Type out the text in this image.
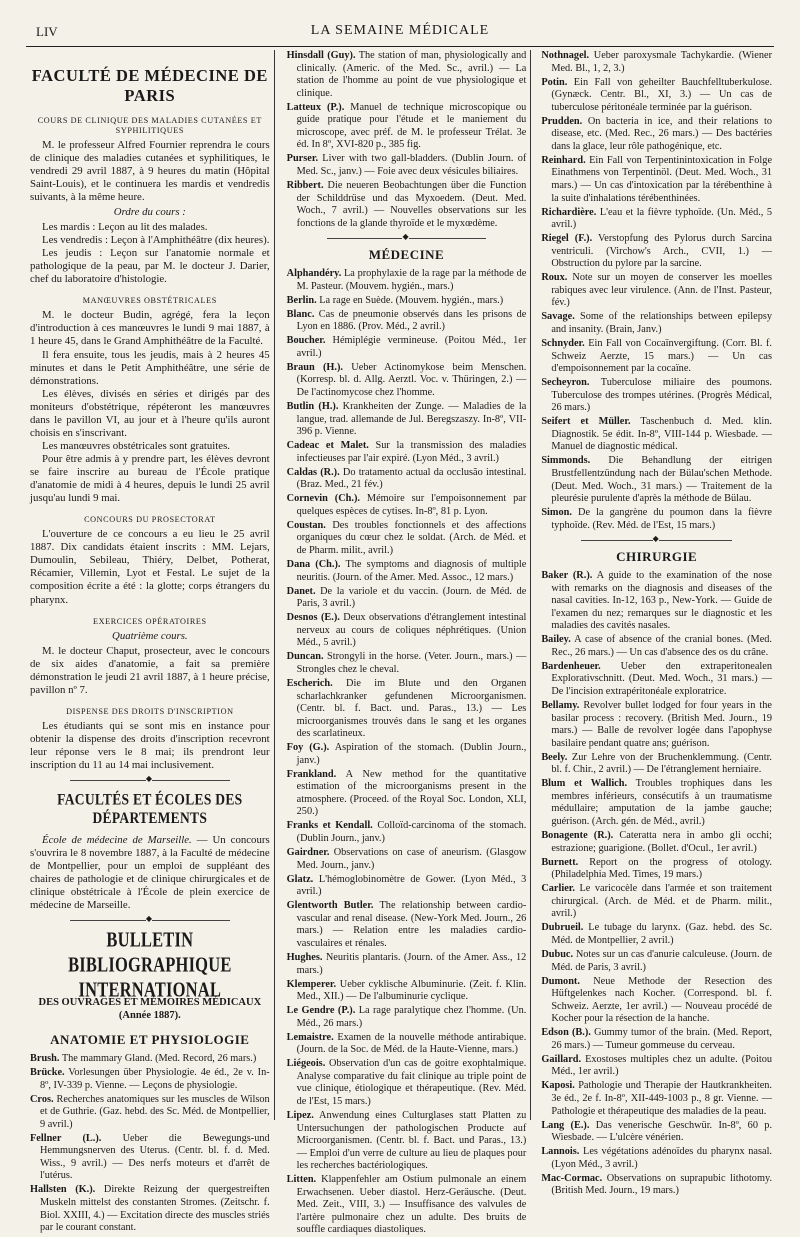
LIV	LA SEMAINE MÉDICALE
FACULTÉ DE MÉDECINE DE PARIS
COURS DE CLINIQUE DES MALADIES CUTANÉES ET SYPHILITIQUES

M. le professeur Alfred Fournier reprendra le cours de clinique des maladies cutanées et syphilitiques, le vendredi 29 avril 1887, à 9 heures du matin (Hôpital Saint-Louis), et le continuera les mardis et vendredis suivants, à la même heure.

Ordre du cours :

Les mardis : Leçon au lit des malades.

Les vendredis : Leçon à l'Amphithéâtre (dix heures).

Les jeudis : Leçon sur l'anatomie normale et pathologique de la peau, par M. le docteur J. Darier, chef du laboratoire d'histologie.

MANŒUVRES OBSTÉTRICALES

M. le docteur Budin, agrégé, fera la leçon d'introduction à ces manœuvres le lundi 9 mai 1887, à 1 heure 45, dans le Grand Amphithéâtre de la Faculté.

Il fera ensuite, tous les jeudis, mais à 2 heures 45 minutes et dans le Petit Amphithéâtre, une série de démonstrations.

Les élèves, divisés en séries et dirigés par des moniteurs d'obstétrique, répéteront les manœuvres dans le pavillon VI, au jour et à l'heure qu'ils auront choisis en s'inscrivant.

Les manœuvres obstétricales sont gratuites.

Pour être admis à y prendre part, les élèves devront se faire inscrire au bureau de l'École pratique d'anatomie de midi à 4 heures, depuis le lundi 25 avril jusqu'au lundi 9 mai.

CONCOURS DU PROSECTORAT

L'ouverture de ce concours a eu lieu le 25 avril 1887. Dix candidats étaient inscrits : MM. Lejars, Dumoulin, Sebileau, Thiéry, Delbet, Potherat, Récamier, Villemin, Lyot et Festal. Le sujet de la composition écrite a été : la glotte; corps étrangers du pharynx.

EXERCICES OPÉRATOIRES
Quatrième cours.

M. le docteur Chaput, prosecteur, avec le concours de six aides d'anatomie, a fait sa première démonstration le jeudi 21 avril 1887, à 1 heure précise, pavillon nº 7.

DISPENSE DES DROITS D'INSCRIPTION

Les étudiants qui se sont mis en instance pour obtenir la dispense des droits d'inscription recevront leur réponse vers le 8 mai; ils prendront leur inscription du 11 au 14 mai inclusivement.

◆
FACULTÉS ET ÉCOLES DES DÉPARTEMENTS

École de médecine de Marseille. — Un concours s'ouvrira le 8 novembre 1887, à la Faculté de médecine de Montpellier, pour un emploi de suppléant des chaires de pathologie et de clinique chirurgicales et de clinique obstétricale à l'École de plein exercice de médecine de Marseille.

◆
BULLETIN BIBLIOGRAPHIQUE INTERNATIONAL
DES OUVRAGES ET MÉMOIRES MÉDICAUX (Année 1887).
ANATOMIE ET PHYSIOLOGIE

Brush. The mammary Gland. (Med. Record, 26 mars.)

Brücke. Vorlesungen über Physiologie. 4e éd., 2e v. In-8º, IV-339 p. Vienne. — Leçons de physiologie.

Cros. Recherches anatomiques sur les muscles de Wilson et de Guthrie. (Gaz. hebd. des Sc. Méd. de Montpellier, 9 avril.)

Fellner (L.). Ueber die Bewegungs-und Hemmungsnerven des Uterus. (Centr. bl. f. d. Med. Wiss., 9 avril.) — Des nerfs moteurs et d'arrêt de l'utérus.

Hallsten (K.). Direkte Reizung der quergestreiften Muskeln mittelst des constanten Stromes. (Zeitschr. f. Biol. XXIII, 4.) — Excitation directe des muscles striés par le courant constant.

Hinsdall (Guy). The station of man, physiologically and clinically. (Americ. of the Med. Sc., avril.) — La station de l'homme au point de vue physiologique et clinique.

Latteux (P.). Manuel de technique microscopique ou guide pratique pour l'étude et le maniement du microscope, avec préf. de M. le professeur Trélat. 3e éd. In 8º, XVI-820 p., 385 fig.

Purser. Liver with two gall-bladders. (Dublin Journ. of Med. Sc., janv.) — Foie avec deux vésicules biliaires.

Ribbert. Die neueren Beobachtungen über die Function der Schilddrüse und das Myxoedem. (Deut. Med. Woch., 7 avril.) — Nouvelles observations sur les fonctions de la glande thyroïde et le myxœdème.

◆
MÉDECINE

Alphandéry. La prophylaxie de la rage par la méthode de M. Pasteur. (Mouvem. hygién., mars.)

Berlin. La rage en Suède. (Mouvem. hygién., mars.)

Blanc. Cas de pneumonie observés dans les prisons de Lyon en 1886. (Prov. Méd., 2 avril.)

Boucher. Hémiplégie vermineuse. (Poitou Méd., 1er avril.)

Braun (H.). Ueber Actinomykose beim Menschen. (Korresp. bl. d. Allg. Aerztl. Voc. v. Thüringen, 2.) — De l'actinomycose chez l'homme.

Butlin (H.). Krankheiten der Zunge. — Maladies de la langue, trad. allemande de Jul. Beregszaszy. In-8º, VII-396 p. Vienne.

Cadeac et Malet. Sur la transmission des maladies infectieuses par l'air expiré. (Lyon Méd., 3 avril.)

Caldas (R.). Do tratamento actual da occlusão intestinal. (Braz. Med., 21 fév.)

Cornevin (Ch.). Mémoire sur l'empoisonnement par quelques espèces de cytises. In-8º, 81 p. Lyon.

Coustan. Des troubles fonctionnels et des affections organiques du cœur chez le soldat. (Arch. de Méd. et de Pharm. milit., avril.)

Dana (Ch.). The symptoms and diagnosis of multiple neuritis. (Journ. of the Amer. Med. Assoc., 12 mars.)

Danet. De la variole et du vaccin. (Journ. de Méd. de Paris, 3 avril.)

Desnos (E.). Deux observations d'étranglement intestinal nerveux au cours de coliques néphrétiques. (Union Méd., 5 avril.)

Duncan. Strongyli in the horse. (Veter. Journ., mars.) — Strongles chez le cheval.

Escherich. Die im Blute und den Organen scharlachkranker gefundenen Microorganismen. (Centr. bl. f. Bact. und. Paras., 13.) — Les microorganismes trouvés dans le sang et les organes des scarlatineux.

Foy (G.). Aspiration of the stomach. (Dublin Journ., janv.)

Frankland. A New method for the quantitative estimation of the microorganisms present in the atmosphere. (Proceed. of the Royal Soc. London, XLI, 250.)

Franks et Kendall. Colloïd-carcinoma of the stomach. (Dublin Journ., janv.)

Gairdner. Observations on case of aneurism. (Glasgow Med. Journ., janv.)

Glatz. L'hémoglobinomètre de Gower. (Lyon Méd., 3 avril.)

Glentworth Butler. The relationship between cardio-vascular and renal disease. (New-York Med. Journ., 26 mars.) — Relation entre les maladies cardio-vasculaires et rénales.

Hughes. Neuritis plantaris. (Journ. of the Amer. Ass., 12 mars.)

Klemperer. Ueber cyklische Albuminurie. (Zeit. f. Klin. Med., XII.) — De l'albuminurie cyclique.

Le Gendre (P.). La rage paralytique chez l'homme. (Un. Méd., 26 mars.)

Lemaistre. Examen de la nouvelle méthode antirabique. (Journ. de la Soc. de Méd. de la Haute-Vienne, mars.)

Liégeois. Observation d'un cas de goitre exophtalmique. Analyse comparative du fait clinique au triple point de vue clinique, étiologique et thérapeutique. (Rev. Méd. de l'Est, 15 mars.)

Lipez. Anwendung eines Culturglases statt Platten zu Untersuchungen der pathologischen Producte auf Microorganismen. (Centr. bl. f. Bact. und Paras., 13.) — Emploi d'un verre de culture au lieu de plaques pour les recherches bactériologiques.

Litten. Klappenfehler am Ostium pulmonale an einem Erwachsenen. Ueber diastol. Herz-Geräusche. (Deut. Med. Zeit., VIII, 3.) — Insuffisance des valvules de l'artère pulmonaire chez un adulte. Des bruits de souffle cardiaques diastoliques.

Nothnagel. Ueber paroxysmale Tachykardie. (Wiener Med. Bl., 1, 2, 3.)

Potin. Ein Fall von geheilter Bauchfelltuberkulose. (Gynæck. Centr. Bl., XI, 3.) — Un cas de tuberculose péritonéale terminée par la guérison.

Prudden. On bacteria in ice, and their relations to disease, etc. (Med. Rec., 26 mars.) — Des bactéries dans la glace, leur rôle pathogénique, etc.

Reinhard. Ein Fall von Terpentinintoxication in Folge Einathmens von Terpentinöl. (Deut. Med. Woch., 31 mars.) — Un cas d'intoxication par la térébenthine à la suite d'inhalations térébenthinées.

Richardière. L'eau et la fièvre typhoïde. (Un. Méd., 5 avril.)

Riegel (F.). Verstopfung des Pylorus durch Sarcina ventriculi. (Virchow's Arch., CVII, 1.) — Obstruction du pylore par la sarcine.

Roux. Note sur un moyen de conserver les moelles rabiques avec leur virulence. (Ann. de l'Inst. Pasteur, fév.)

Savage. Some of the relationships between epilepsy and insanity. (Brain, Janv.)

Schnyder. Ein Fall von Cocaïnvergiftung. (Corr. Bl. f. Schweiz Aerzte, 15 mars.) — Un cas d'empoisonnement par la cocaïne.

Secheyron. Tuberculose miliaire des poumons. Tuberculose des trompes utérines. (Progrès Médical, 26 mars.)

Seifert et Müller. Taschenbuch d. Med. klin. Diagnostik. 5e édit. In-8º, VIII-144 p. Wiesbade. — Manuel de diagnostic médical.

Simmonds. Die Behandlung der eitrigen Brustfellentzündung nach der Bülau'schen Methode. (Deut. Med. Woch., 31 mars.) — Traitement de la pleurésie purulente d'après la méthode de Bülau.

Simon. De la gangrène du poumon dans la fièvre typhoïde. (Rev. Méd. de l'Est, 15 mars.)

◆
CHIRURGIE

Baker (R.). A guide to the examination of the nose with remarks on the diagnosis and diseases of the nasal cavities. In-12, 163 p., New-York. — Guide de l'examen du nez; remarques sur le diagnostic et les maladies des cavités nasales.

Bailey. A case of absence of the cranial bones. (Med. Rec., 26 mars.) — Un cas d'absence des os du crâne.

Bardenheuer. Ueber den extraperitonealen Explorativschnitt. (Deut. Med. Woch., 31 mars.) — De l'incision extrapéritonéale exploratrice.

Bellamy. Revolver bullet lodged for four years in the basilar process : recovery. (British Med. Journ., 19 mars.) — Balle de revolver logée dans l'apophyse basilaire pendant quatre ans; guérison.

Beely. Zur Lehre von der Bruchenklemmung. (Centr. bl. f. Chir., 2 avril.) — De l'étranglement herniaire.

Blum et Wallich. Troubles trophiques dans les membres inférieurs, consécutifs à un traumatisme médullaire; amputation de la jambe gauche; guérison. (Arch. gén. de Méd., avril.)

Bonagente (R.). Cateratta nera in ambo gli occhi; estrazione; guarigione. (Bollet. d'Ocul., 1er avril.)

Burnett. Report on the progress of otology. (Philadelphia Med. Times, 19 mars.)

Carlier. Le varicocèle dans l'armée et son traitement chirurgical. (Arch. de Méd. et de Pharm. milit., avril.)

Dubrueil. Le tubage du larynx. (Gaz. hebd. des Sc. Méd. de Montpellier, 2 avril.)

Dubuc. Notes sur un cas d'anurie calculeuse. (Journ. de Méd. de Paris, 3 avril.)

Dumont. Neue Methode der Resection des Hüftgelenkes nach Kocher. (Correspond. bl. f. Schweiz. Aerzte, 1er avril.) — Nouveau procédé de Kocher pour la résection de la hanche.

Edson (B.). Gummy tumor of the brain. (Med. Report, 26 mars.) — Tumeur gommeuse du cerveau.

Gaillard. Exostoses multiples chez un adulte. (Poitou Méd., 1er avril.)

Kaposi. Pathologie und Therapie der Hautkrankheiten. 3e éd., 2e f. In-8º, XII-449-1003 p., 8 gr. Vienne. — Pathologie et thérapeutique des maladies de la peau.

Lang (E.). Das venerische Geschwür. In-8º, 60 p. Wiesbade. — L'ulcère vénérien.

Lannois. Les végétations adénoïdes du pharynx nasal. (Lyon Méd., 3 avril.)

Mac-Cormac. Observations on suprapubic lithotomy. (British Med. Journ., 19 mars.)
